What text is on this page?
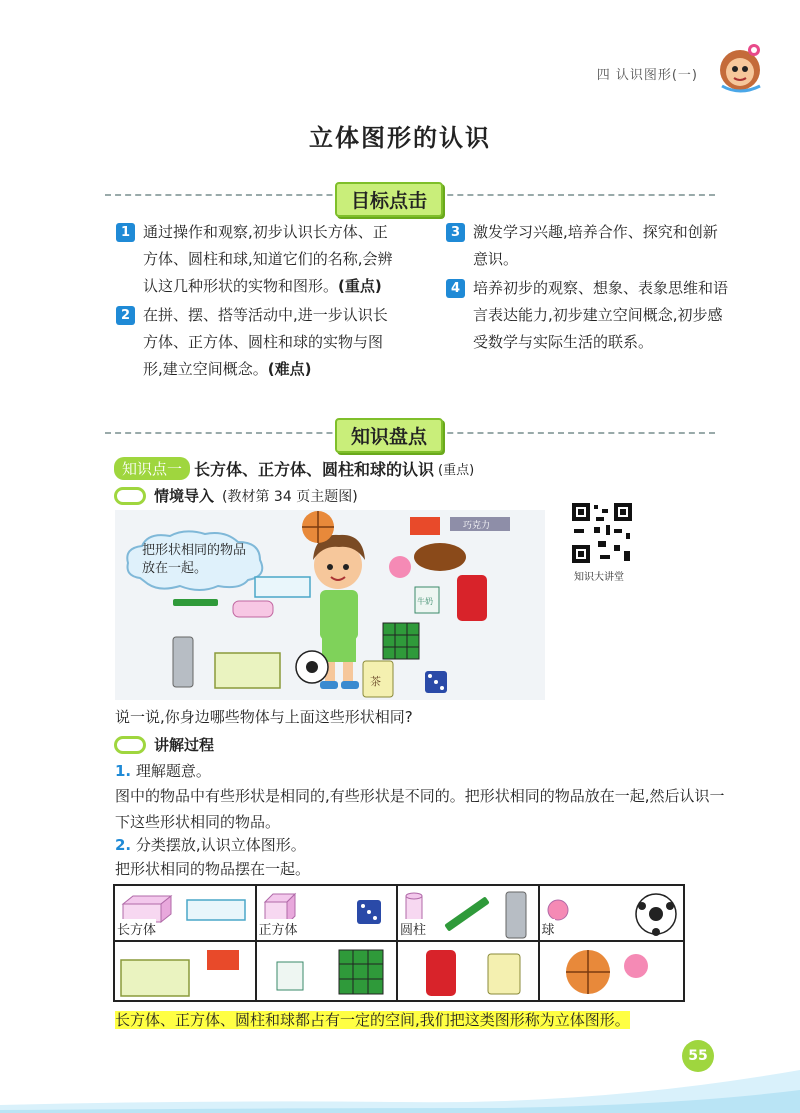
四 认识图形(一)
立体图形的认识
目标点击
1 通过操作和观察,初步认识长方体、正方体、圆柱和球,知道它们的名称,会辨认这几种形状的实物和图形。(重点)
2 在拼、摆、搭等活动中,进一步认识长方体、正方体、圆柱和球的实物与图形,建立空间概念。(难点)
3 激发学习兴趣,培养合作、探究和创新意识。
4 培养初步的观察、想象、表象思维和语言表达能力,初步建立空间概念,初步感受数学与实际生活的联系。
知识盘点
知识点一 长方体、正方体、圆柱和球的认识 (重点)
情境导入 (教材第 34 页主题图)
把形状相同的物品放在一起。
茶
牛奶
巧克力
知识大讲堂
说一说,你身边哪些物体与上面这些形状相同?
讲解过程
1. 理解题意。
图中的物品中有些形状是相同的,有些形状是不同的。把形状相同的物品放在一起,然后认识一下这些形状相同的物品。
2. 分类摆放,认识立体图形。
把形状相同的物品摆在一起。
长方体	正方体	圆柱	球

长方体、正方体、圆柱和球都占有一定的空间,我们把这类图形称为立体图形。
55
